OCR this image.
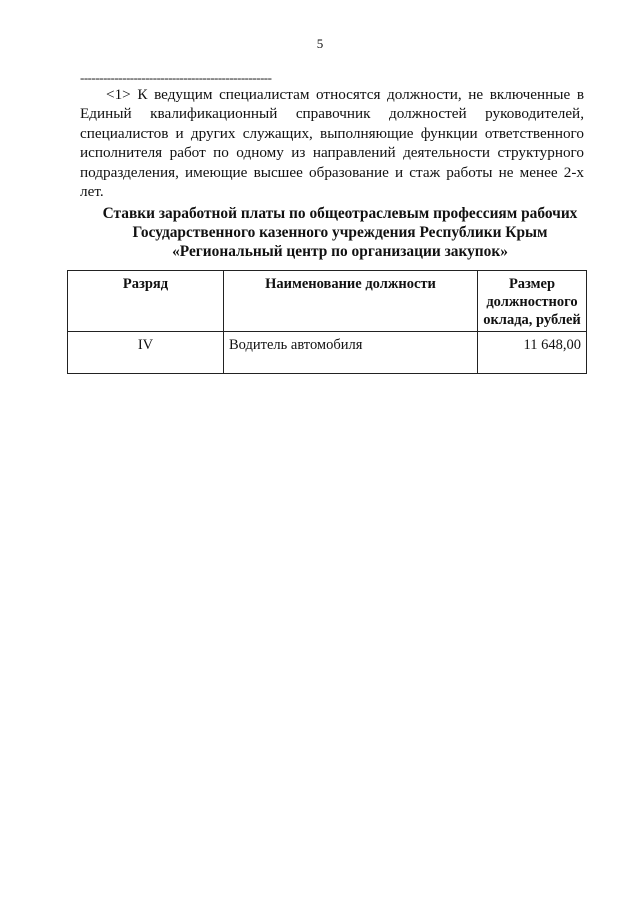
5
--------------------------------------------------

<1> К ведущим специалистам относятся должности, не включенные в Единый квалификационный справочник должностей руководителей, специалистов и других служащих, выполняющие функции ответственного исполнителя работ по одному из направлений деятельности структурного подразделения, имеющие высшее образование и стаж работы не менее 2-х лет.

Ставки заработной платы по общеотраслевым профессиям рабочих
Государственного казенного учреждения Республики Крым
«Региональный центр по организации закупок»
Разряд	Наименование должности	Размер должностного оклада, рублей
IV	Водитель автомобиля	11 648,00
